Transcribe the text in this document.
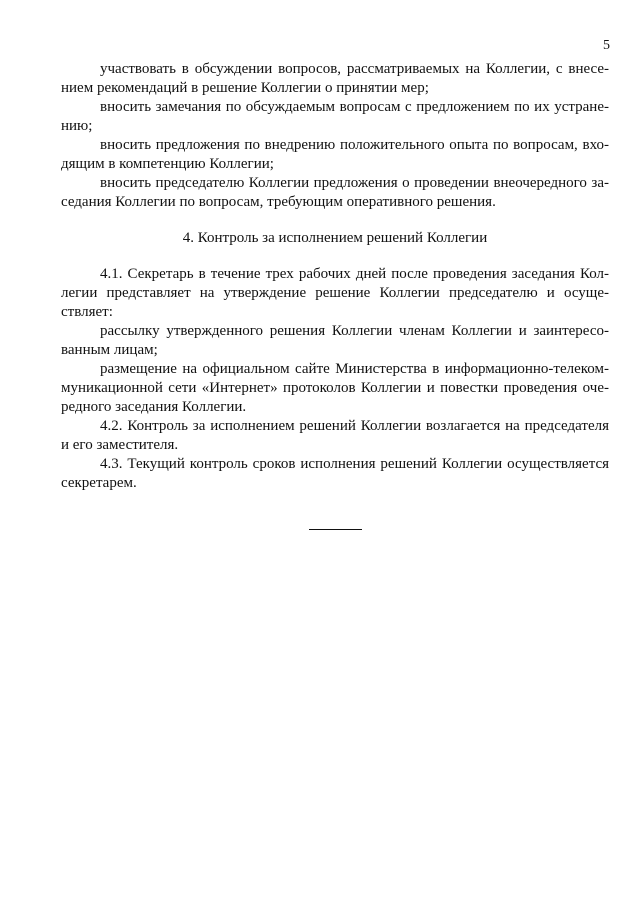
5

участвовать в обсуждении вопросов, рассматриваемых на Коллегии, с внесением рекомендаций в решение Коллегии о принятии мер;

вносить замечания по обсуждаемым вопросам с предложением по их устранению;

вносить предложения по внедрению положительного опыта по вопросам, входящим в компетенцию Коллегии;

вносить председателю Коллегии предложения о проведении внеочередного заседания Коллегии по вопросам, требующим оперативного решения.

4. Контроль за исполнением решений Коллегии

4.1. Секретарь в течение трех рабочих дней после проведения заседания Коллегии представляет на утверждение решение Коллегии председателю и осуществляет:

рассылку утвержденного решения Коллегии членам Коллегии и заинтересованным лицам;

размещение на официальном сайте Министерства в информационно-телекоммуникационной сети «Интернет» протоколов Коллегии и повестки проведения очередного заседания Коллегии.

4.2. Контроль за исполнением решений Коллегии возлагается на председателя и его заместителя.

4.3. Текущий контроль сроков исполнения решений Коллегии осуществляется секретарем.
